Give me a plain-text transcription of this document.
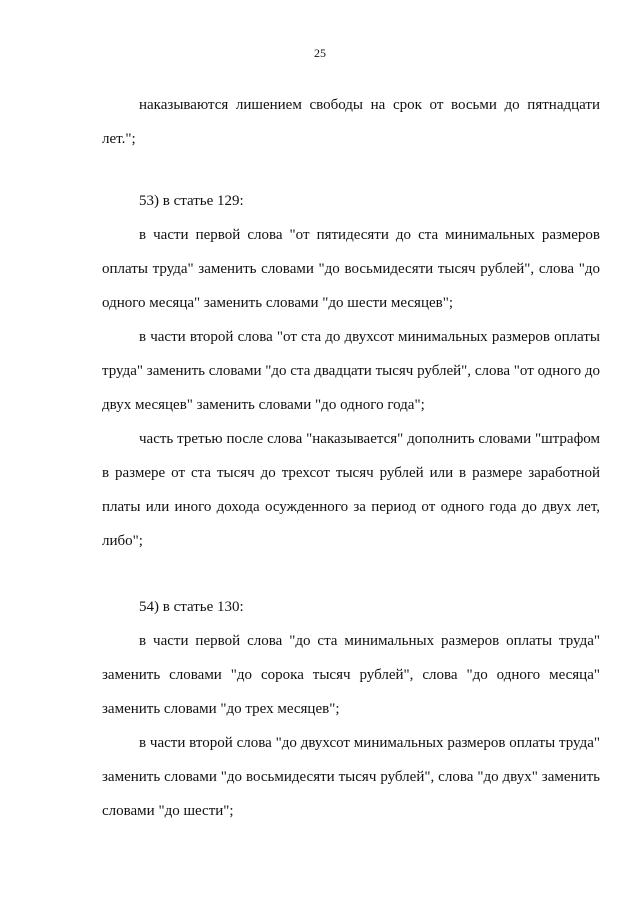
25

наказываются лишением свободы на срок от восьми до пятнадцати лет.";

53) в статье 129:

в части первой слова "от пятидесяти до ста минимальных размеров оплаты труда" заменить словами "до восьмидесяти тысяч рублей", слова "до одного месяца" заменить словами "до шести месяцев";

в части второй слова "от ста до двухсот минимальных размеров оплаты труда" заменить словами "до ста двадцати тысяч рублей", слова "от одного до двух месяцев" заменить словами "до одного года";

часть третью после слова "наказывается" дополнить словами "штрафом в размере от ста тысяч до трехсот тысяч рублей или в размере заработной платы или иного дохода осужденного за период от одного года до двух лет, либо";

54) в статье 130:

в части первой слова "до ста минимальных размеров оплаты труда" заменить словами "до сорока тысяч рублей", слова "до одного месяца" заменить словами "до трех месяцев";

в части второй слова "до двухсот минимальных размеров оплаты труда" заменить словами "до восьмидесяти тысяч рублей", слова "до двух" заменить словами "до шести";
